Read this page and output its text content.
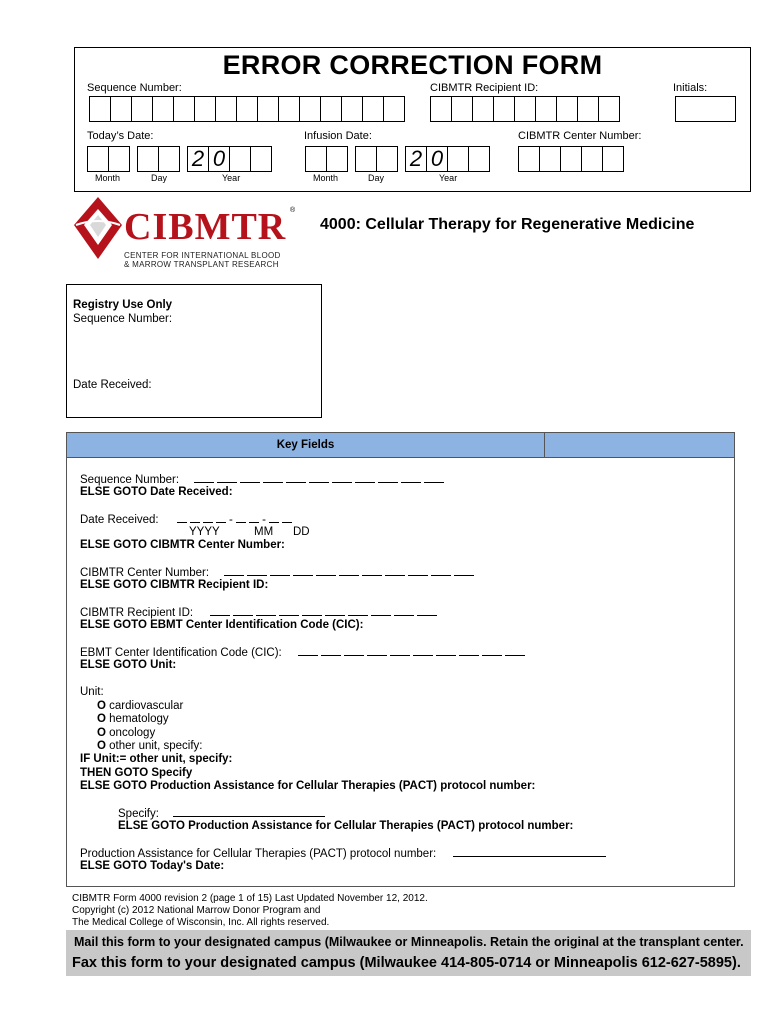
ERROR CORRECTION FORM
Sequence Number:	CIBMTR Recipient ID:	Initials:
Today’s Date:	Infusion Date:	CIBMTR Center Number:
2 0	2 0
Month	Day	Year	Month	Day	Year
CIBMTR ®
CENTER FOR INTERNATIONAL BLOOD
& MARROW TRANSPLANT RESEARCH
4000: Cellular Therapy for Regenerative Medicine
Registry Use Only
Sequence Number:
Date Received:
Key Fields
Sequence Number:
ELSE GOTO Date Received:
Date Received:	-	-
YYYY	MM DD
ELSE GOTO CIBMTR Center Number:
CIBMTR Center Number:
ELSE GOTO CIBMTR Recipient ID:
CIBMTR Recipient ID:
ELSE GOTO EBMT Center Identification Code (CIC):
EBMT Center Identification Code (CIC):
ELSE GOTO Unit:
Unit:
O cardiovascular
O hematology
O oncology
O other unit, specify:
IF Unit:= other unit, specify:
THEN GOTO Specify
ELSE GOTO Production Assistance for Cellular Therapies (PACT) protocol number:
Specify:
ELSE GOTO Production Assistance for Cellular Therapies (PACT) protocol number:
Production Assistance for Cellular Therapies (PACT) protocol number:
ELSE GOTO Today's Date:
CIBMTR Form 4000 revision 2 (page 1 of 15) Last Updated November 12, 2012.
Copyright (c) 2012 National Marrow Donor Program and
The Medical College of Wisconsin, Inc. All rights reserved.
Mail this form to your designated campus (Milwaukee or Minneapolis. Retain the original at the transplant center.
Fax this form to your designated campus (Milwaukee 414-805-0714 or Minneapolis 612-627-5895).
